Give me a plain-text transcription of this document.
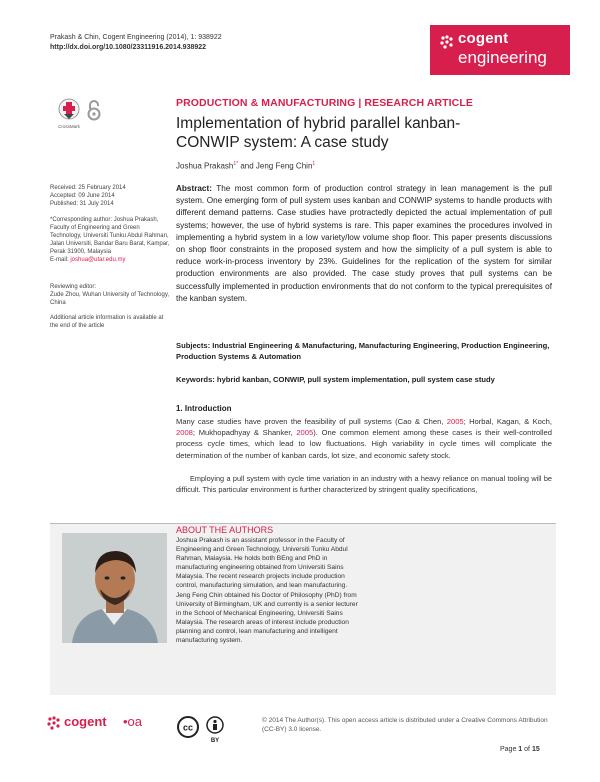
Prakash & Chin, Cogent Engineering (2014), 1: 938922
http://dx.doi.org/10.1080/23311916.2014.938922
cogent
engineering
CrossMark
PRODUCTION & MANUFACTURING | RESEARCH ARTICLE
Implementation of hybrid parallel kanban-CONWIP system: A case study
Joshua Prakash$^{1*}$ and Jeng Feng Chin$^1$
Received: 25 February 2014
Accepted: 09 June 2014
Published: 31 July 2014
*Corresponding author: Joshua Prakash, Faculty of Engineering and Green Technology, Universiti Tunku Abdul Rahman, Jalan Universiti, Bandar Baru Barat, Kampar, Perak 31900, Malaysia
E-mail: joshua@utar.edu.my
Reviewing editor:
Zude Zhou, Wuhan University of Technology, China
Additional article information is available at the end of the article
Abstract: The most common form of production control strategy in lean management is the pull system. One emerging form of pull system uses kanban and CONWIP systems to handle products with different demand patterns. Case studies have protractedly depicted the actual implementation of pull systems; however, the use of hybrid systems is rare. This paper examines the procedures involved in implementing a hybrid system in a low variety/low volume shop floor. This paper presents discussions on shop floor constraints in the proposed system and how the simplicity of a pull system is able to reduce work-in-process inventory by 23%. Guidelines for the replication of the system for similar production environments are also provided. The case study proves that pull systems can be successfully implemented in production environments that do not conform to the typical prerequisites of the kanban system.
Subjects: Industrial Engineering & Manufacturing, Manufacturing Engineering, Production Engineering, Production Systems & Automation
Keywords: hybrid kanban, CONWIP, pull system implementation, pull system case study
1. Introduction
Many case studies have proven the feasibility of pull systems (Cao & Chen, 2005; Horbal, Kagan, & Koch, 2008; Mukhopadhyay & Shanker, 2005). One common element among these cases is their well-controlled process cycle times, which lead to low fluctuations. High variability in cycle times will complicate the determination of the number of kanban cards, lot size, and economic safety stock.
Employing a pull system with cycle time variation in an industry with a heavy reliance on manual tooling will be difficult. This particular environment is further characterized by stringent quality specifications,
ABOUT THE AUTHORS
Joshua Prakash is an assistant professor in the Faculty of Engineering and Green Technology, Universiti Tunku Abdul Rahman, Malaysia. He holds both BEng and PhD in manufacturing engineering obtained from Universiti Sains Malaysia. The recent research projects include production control, manufacturing simulation, and lean manufacturing.
Jeng Feng Chin obtained his Doctor of Philosophy (PhD) from University of Birmingham, UK and currently is a senior lecturer in the School of Mechanical Engineering, Universiti Sains Malaysia. The research areas of interest include production planning and control, lean manufacturing and intelligent manufacturing system.
cogent •oa	cc
BY
© 2014 The Author(s). This open access article is distributed under a Creative Commons Attribution (CC-BY) 3.0 license.
Page 1 of 15
